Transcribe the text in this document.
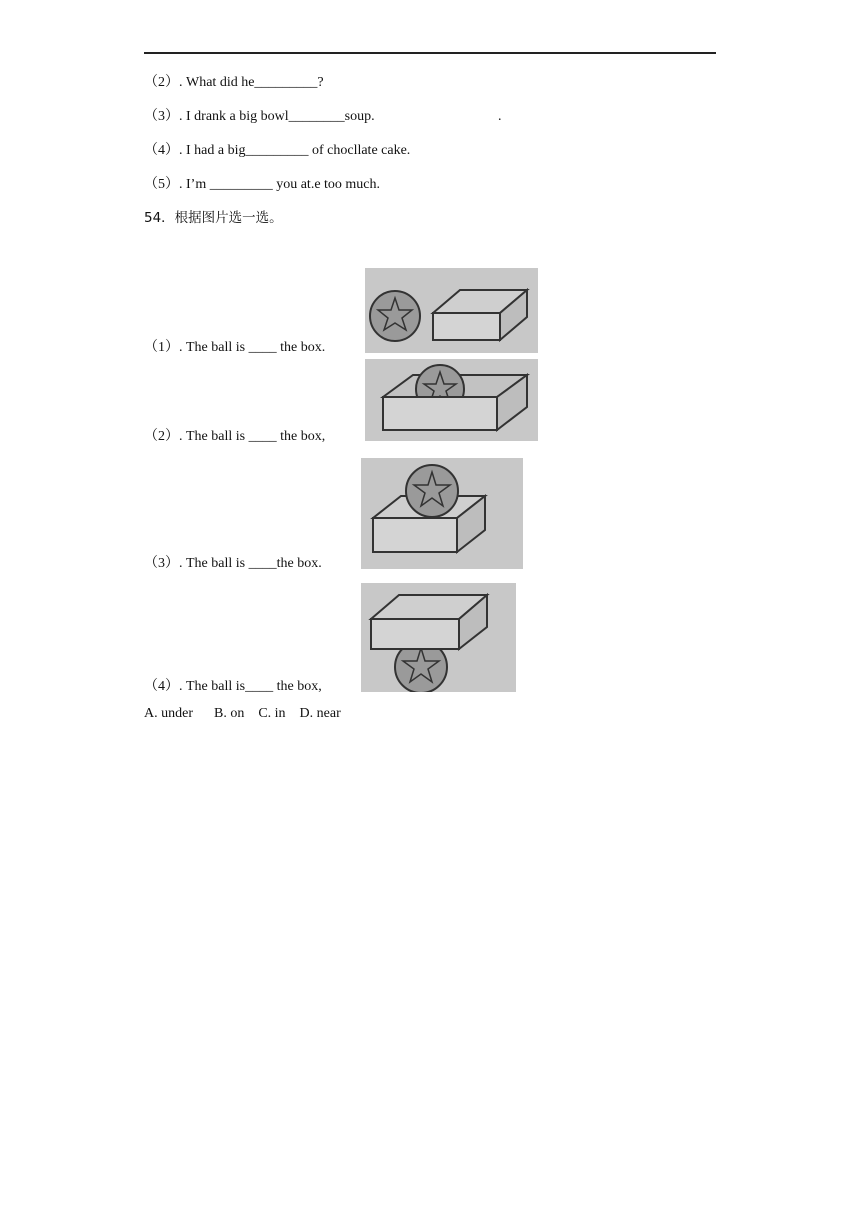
（2）. What did he_________?
（3）. I drank a big bowl________soup.	.
（4）. I had a big_________ of chocllate cake.
（5）. I’m _________ you at.e too much.
54．根据图片选一选。
（1）. The ball is ____ the box.
（2）. The ball is ____ the box,
（3）. The ball is ____the box.
（4）. The ball is____ the box,
A. under      B. on    C. in    D. near
